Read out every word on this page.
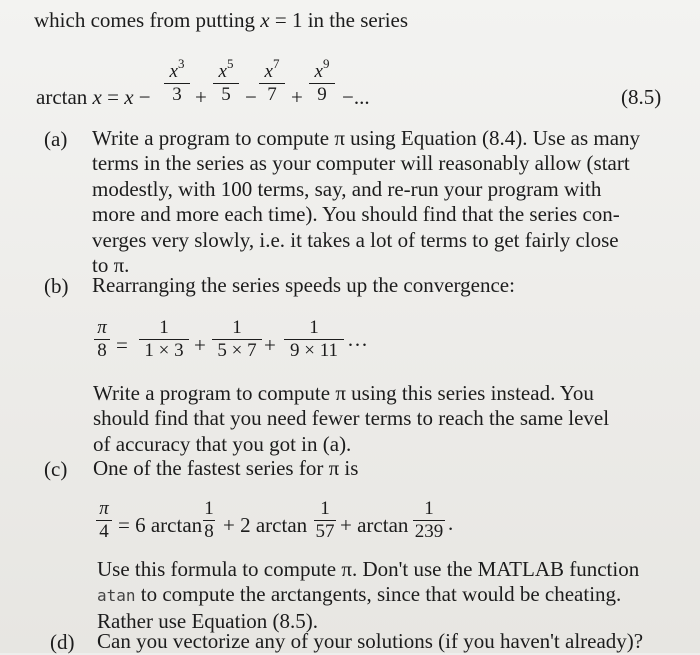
which comes from putting x = 1 in the series
arctan x = x −
$x^3$
3 +
$x^5$
5 −
$x^7$
7 +
$x^9$
9 −...	(8.5)
(a) Write a program to compute π using Equation (8.4). Use as many
terms in the series as your computer will reasonably allow (start
modestly, with 100 terms, say, and re-run your program with
more and more each time). You should find that the series con-
verges very slowly, i.e. it takes a lot of terms to get fairly close
to π.
(b) Rearranging the series speeds up the convergence:
π
8 =
1
1 × 3 +
1
5 × 7 +
1
9 × 11 ···
Write a program to compute π using this series instead. You
should find that you need fewer terms to reach the same level
of accuracy that you got in (a).
(c) One of the fastest series for π is
π
4 = 6 arctan
1
8 + 2 arctan
1
57 + arctan
1
239 .
Use this formula to compute π. Don't use the MATLAB function
atan to compute the arctangents, since that would be cheating.
Rather use Equation (8.5).
(d) Can you vectorize any of your solutions (if you haven't already)?
